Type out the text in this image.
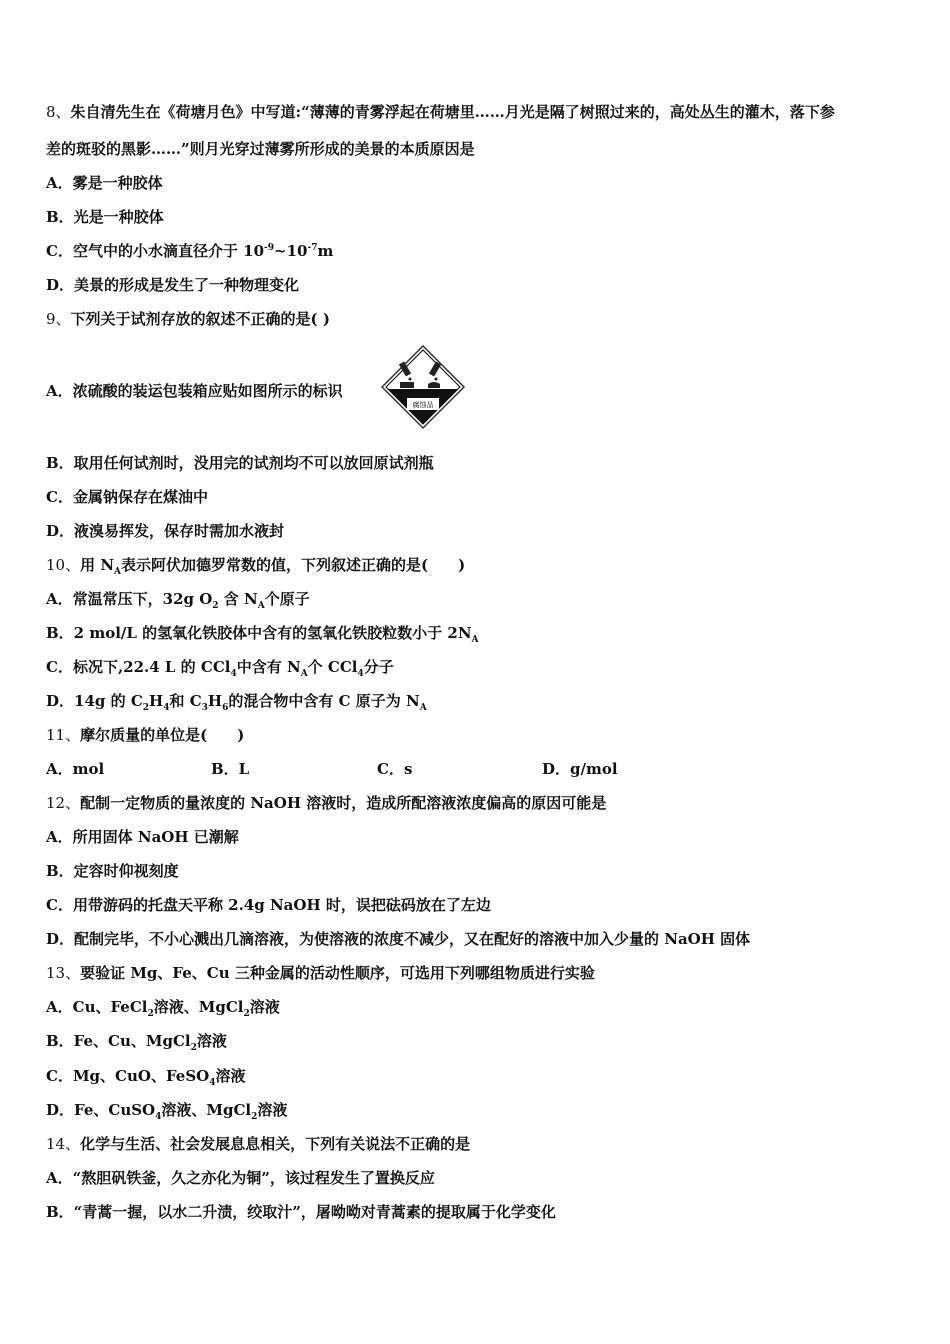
8、朱自清先生在《荷塘月色》中写道:“薄薄的青雾浮起在荷塘里……月光是隔了树照过来的，高处丛生的灌木，落下参
差的斑驳的黑影……”则月光穿过薄雾所形成的美景的本质原因是
A．雾是一种胶体
B．光是一种胶体
C．空气中的小水滴直径介于 $10^{-9}\sim 10^{-7}m$
D．美景的形成是发生了一种物理变化
9、下列关于试剂存放的叙述不正确的是( )
A．浓硫酸的装运包装箱应贴如图所示的标识
腐蚀品
B．取用任何试剂时，没用完的试剂均不可以放回原试剂瓶
C．金属钠保存在煤油中
D．液溴易挥发，保存时需加水液封
10、用 $N_A$表示阿伏加德罗常数的值，下列叙述正确的是(　　)
A．常温常压下，32g $O_2$ 含 $N_A$个原子
B．2 mol/L 的氢氧化铁胶体中含有的氢氧化铁胶粒数小于 $2N_A$
C．标况下,22.4 L 的 CCl$_4$中含有 $N_A$个 CCl$_4$分子
D．14g 的 $C_2H_4$和 $C_3H_6$的混合物中含有 C 原子为 $N_A$
11、摩尔质量的单位是(　　)
A．mol	B．L	C．s	D．g/mol
12、配制一定物质的量浓度的 NaOH 溶液时，造成所配溶液浓度偏高的原因可能是
A．所用固体 NaOH 已潮解
B．定容时仰视刻度
C．用带游码的托盘天平称 2.4g NaOH 时，误把砝码放在了左边
D．配制完毕，不小心溅出几滴溶液，为使溶液的浓度不减少，又在配好的溶液中加入少量的 NaOH 固体
13、要验证 Mg、Fe、Cu 三种金属的活动性顺序，可选用下列哪组物质进行实验
A．Cu、FeCl$_2$溶液、MgCl$_2$溶液
B．Fe、Cu、MgCl$_2$溶液
C．Mg、CuO、FeSO$_4$溶液
D．Fe、CuSO$_4$溶液、MgCl$_2$溶液
14、化学与生活、社会发展息息相关，下列有关说法不正确的是
A．“熬胆矾铁釜，久之亦化为铜”，该过程发生了置换反应
B．“青蒿一握，以水二升渍，绞取汁”，屠呦呦对青蒿素的提取属于化学变化
